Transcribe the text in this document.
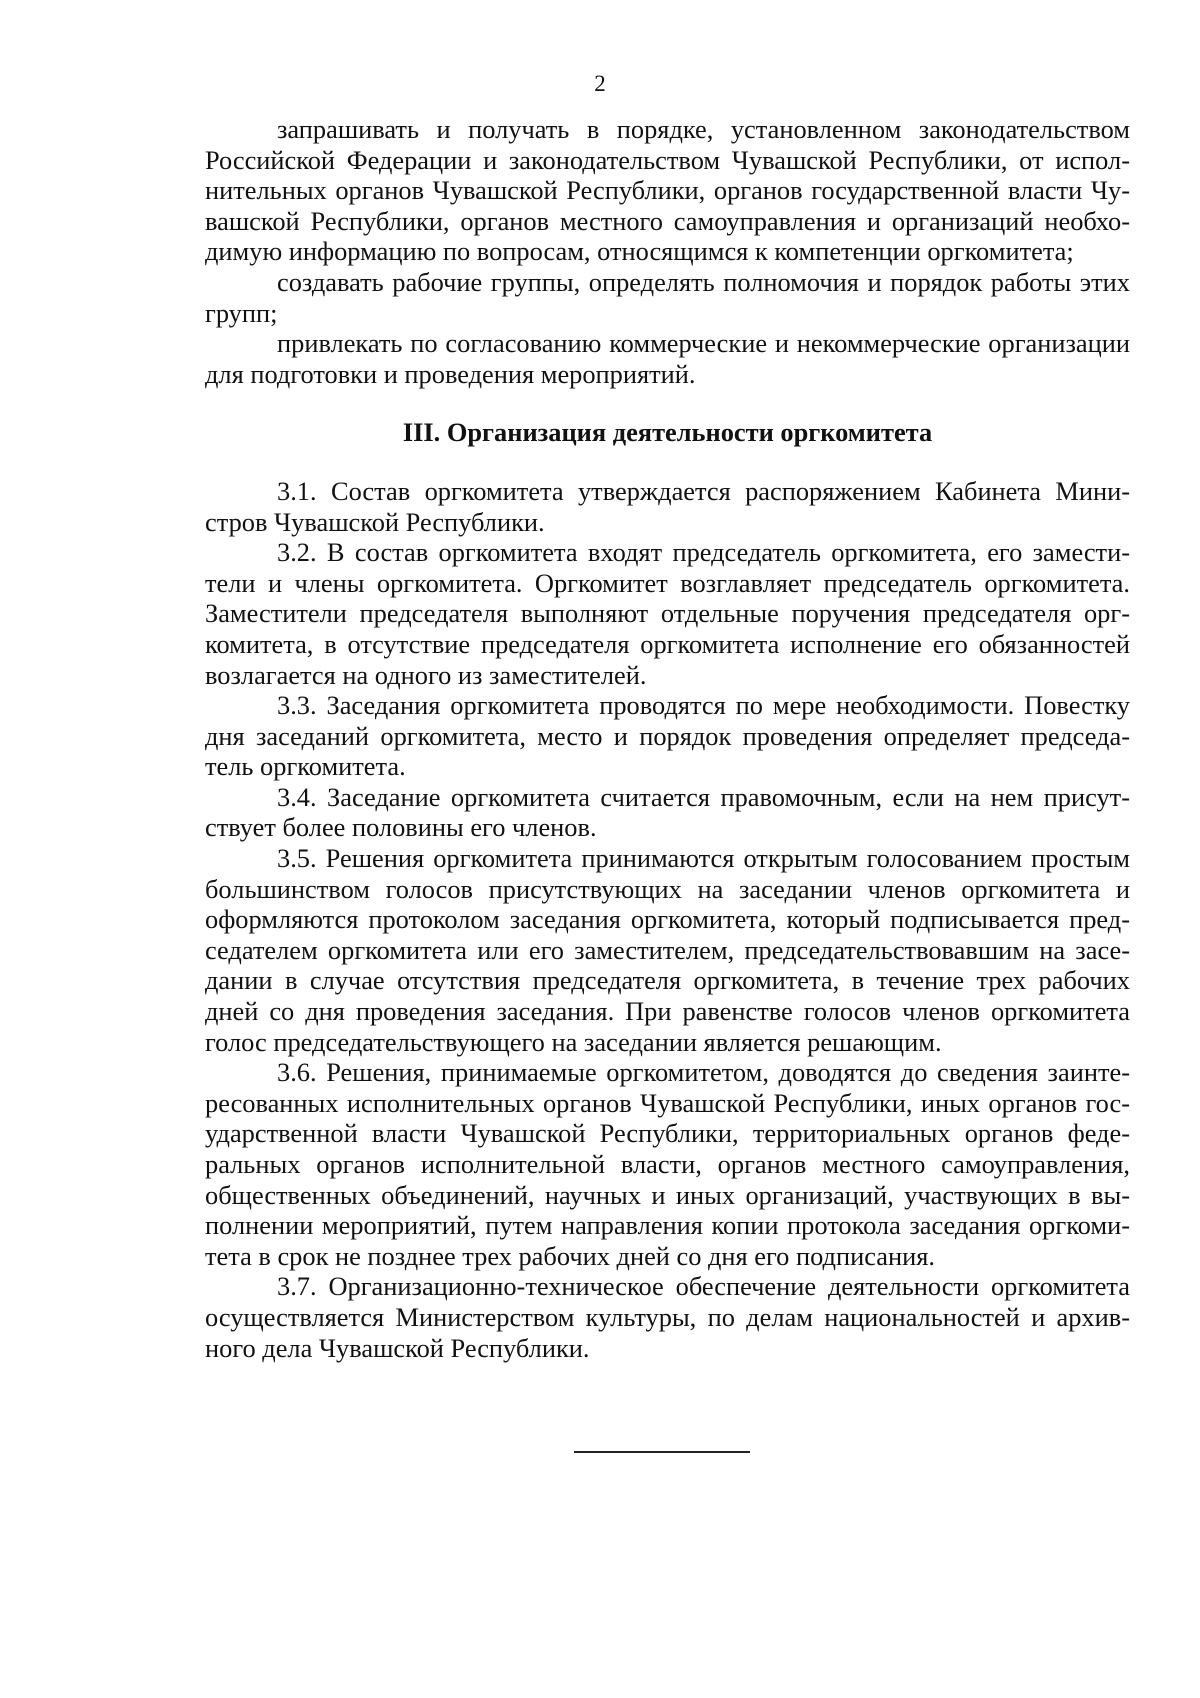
2

запрашивать и получать в порядке, установленном законодательством Российской Федерации и законодательством Чувашской Республики, от исполнительных органов Чувашской Республики, органов государственной власти Чувашской Республики, органов местного самоуправления и организаций необходимую информацию по вопросам, относящимся к компетенции оргкомитета;

создавать рабочие группы, определять полномочия и порядок работы этих групп;

привлекать по согласованию коммерческие и некоммерческие организации для подготовки и проведения мероприятий.

III. Организация деятельности оргкомитета

3.1. Состав оргкомитета утверждается распоряжением Кабинета Министров Чувашской Республики.

3.2. В состав оргкомитета входят председатель оргкомитета, его заместители и члены оргкомитета. Оргкомитет возглавляет председатель оргкомитета. Заместители председателя выполняют отдельные поручения председателя оргкомитета, в отсутствие председателя оргкомитета исполнение его обязанностей возлагается на одного из заместителей.

3.3. Заседания оргкомитета проводятся по мере необходимости. Повестку дня заседаний оргкомитета, место и порядок проведения определяет председатель оргкомитета.

3.4. Заседание оргкомитета считается правомочным, если на нем присутствует более половины его членов.

3.5. Решения оргкомитета принимаются открытым голосованием простым большинством голосов присутствующих на заседании членов оргкомитета и оформляются протоколом заседания оргкомитета, который подписывается председателем оргкомитета или его заместителем, председательствовавшим на заседании в случае отсутствия председателя оргкомитета, в течение трех рабочих дней со дня проведения заседания. При равенстве голосов членов оргкомитета голос председательствующего на заседании является решающим.

3.6. Решения, принимаемые оргкомитетом, доводятся до сведения заинтересованных исполнительных органов Чувашской Республики, иных органов государственной власти Чувашской Республики, территориальных органов федеральных органов исполнительной власти, органов местного самоуправления, общественных объединений, научных и иных организаций, участвующих в выполнении мероприятий, путем направления копии протокола заседания оргкомитета в срок не позднее трех рабочих дней со дня его подписания.

3.7. Организационно-техническое обеспечение деятельности оргкомитета осуществляется Министерством культуры, по делам национальностей и архивного дела Чувашской Республики.
